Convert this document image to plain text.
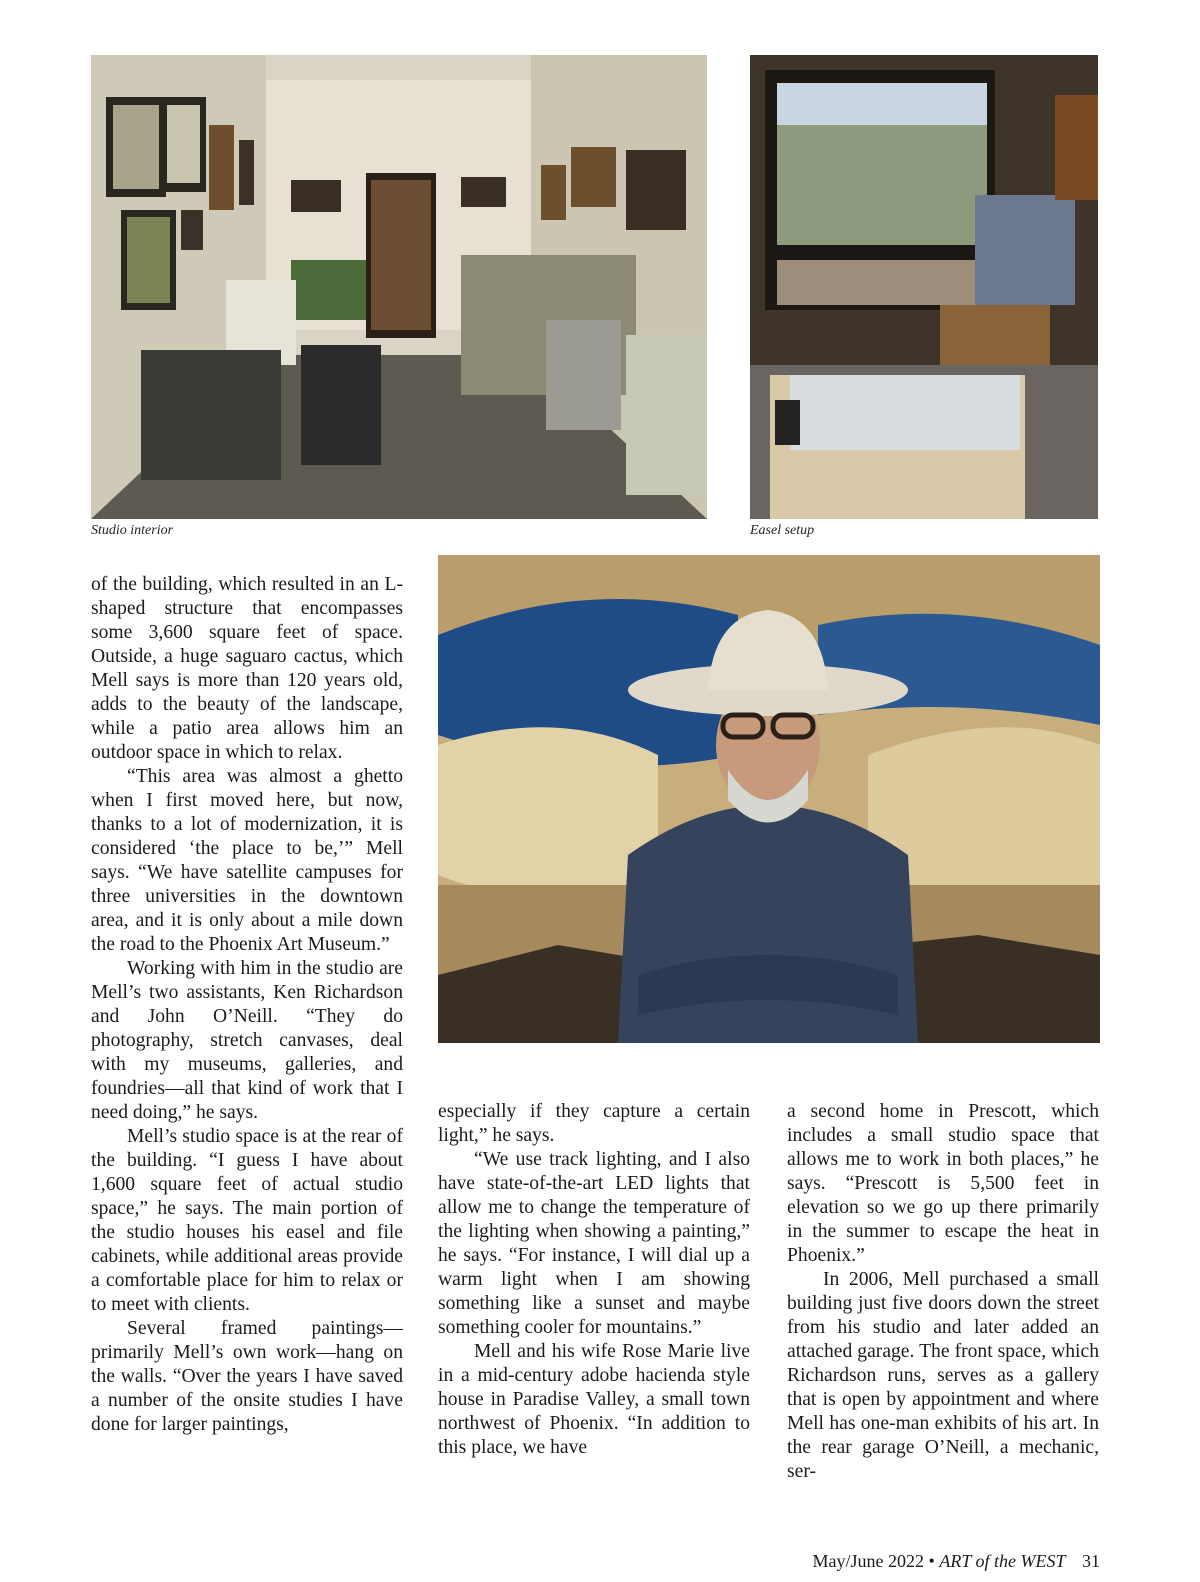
Studio interior	Easel setup

of the building, which resulted in an L-shaped structure that encompasses some 3,600 square feet of space. Outside, a huge saguaro cactus, which Mell says is more than 120 years old, adds to the beauty of the landscape, while a patio area allows him an outdoor space in which to relax.

“This area was almost a ghetto when I first moved here, but now, thanks to a lot of modernization, it is considered ‘the place to be,’” Mell says. “We have satellite campuses for three universities in the downtown area, and it is only about a mile down the road to the Phoenix Art Museum.”

Working with him in the studio are Mell’s two assistants, Ken Richardson and John O’Neill. “They do photography, stretch canvases, deal with my museums, galleries, and foundries—all that kind of work that I need doing,” he says.

Mell’s studio space is at the rear of the building. “I guess I have about 1,600 square feet of actual studio space,” he says. The main portion of the studio houses his easel and file cabinets, while additional areas provide a comfortable place for him to relax or to meet with clients.

Several framed paintings—primarily Mell’s own work—hang on the walls. “Over the years I have saved a number of the onsite studies I have done for larger paintings,

especially if they capture a certain light,” he says.

“We use track lighting, and I also have state-of-the-art LED lights that allow me to change the temperature of the lighting when showing a painting,” he says. “For instance, I will dial up a warm light when I am showing something like a sunset and maybe something cooler for mountains.”

Mell and his wife Rose Marie live in a mid-century adobe hacienda style house in Paradise Valley, a small town northwest of Phoenix. “In addition to this place, we have

a second home in Prescott, which includes a small studio space that allows me to work in both places,” he says. “Prescott is 5,500 feet in elevation so we go up there primarily in the summer to escape the heat in Phoenix.”

In 2006, Mell purchased a small building just five doors down the street from his studio and later added an attached garage. The front space, which Richardson runs, serves as a gallery that is open by appointment and where Mell has one-man exhibits of his art. In the rear garage O’Neill, a mechanic, ser-

May/June 2022 • ART of the WEST 31
